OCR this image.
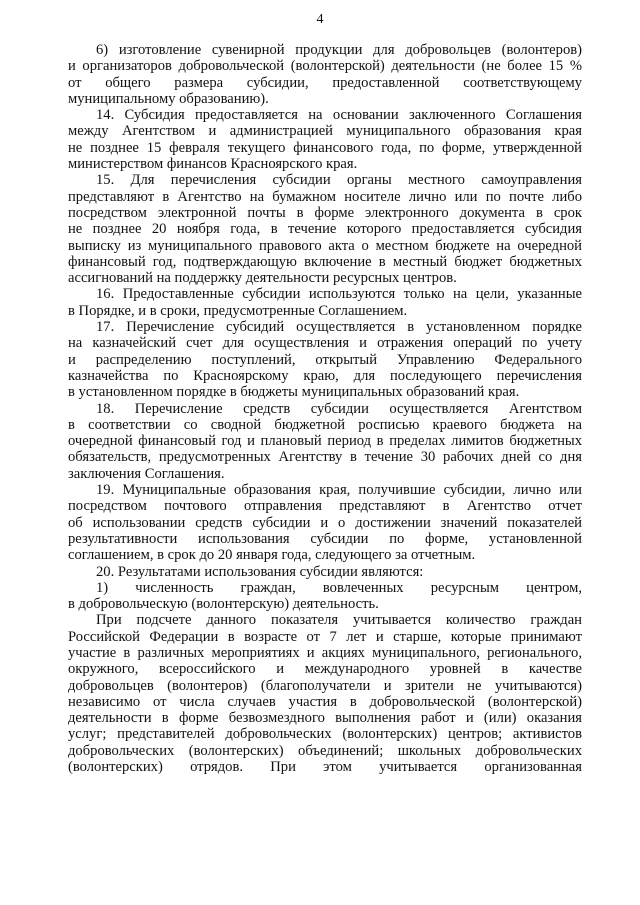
4

6) изготовление сувенирной продукции для добровольцев (волонтеров)
и организаторов добровольческой (волонтерской) деятельности (не более 15 %
от общего размера субсидии, предоставленной соответствующему
муниципальному образованию).

14. Субсидия предоставляется на основании заключенного Соглашения
между Агентством и администрацией муниципального образования края
не позднее 15 февраля текущего финансового года, по форме, утвержденной
министерством финансов Красноярского края.

15. Для перечисления субсидии органы местного самоуправления
представляют в Агентство на бумажном носителе лично или по почте либо
посредством электронной почты в форме электронного документа в срок
не позднее 20 ноября года, в течение которого предоставляется субсидия
выписку из муниципального правового акта о местном бюджете на очередной
финансовый год, подтверждающую включение в местный бюджет бюджетных
ассигнований на поддержку деятельности ресурсных центров.

16. Предоставленные субсидии используются только на цели, указанные
в Порядке, и в сроки, предусмотренные Соглашением.

17. Перечисление субсидий осуществляется в установленном порядке
на казначейский счет для осуществления и отражения операций по учету
и распределению поступлений, открытый Управлению Федерального
казначейства по Красноярскому краю, для последующего перечисления
в установленном порядке в бюджеты муниципальных образований края.

18. Перечисление средств субсидии осуществляется Агентством
в соответствии со сводной бюджетной росписью краевого бюджета на
очередной финансовый год и плановый период в пределах лимитов бюджетных
обязательств, предусмотренных Агентству в течение 30 рабочих дней со дня
заключения Соглашения.

19. Муниципальные образования края, получившие субсидии, лично или
посредством почтового отправления представляют в Агентство отчет
об использовании средств субсидии и о достижении значений показателей
результативности использования субсидии по форме, установленной
соглашением, в срок до 20 января года, следующего за отчетным.

20. Результатами использования субсидии являются:

1) численность граждан, вовлеченных ресурсным центром,
в добровольческую (волонтерскую) деятельность.

При подсчете данного показателя учитывается количество граждан
Российской Федерации в возрасте от 7 лет и старше, которые принимают
участие в различных мероприятиях и акциях муниципального, регионального,
окружного, всероссийского и международного уровней в качестве
добровольцев (волонтеров) (благополучатели и зрители не учитываются)
независимо от числа случаев участия в добровольческой (волонтерской)
деятельности в форме безвозмездного выполнения работ и (или) оказания
услуг; представителей добровольческих (волонтерских) центров; активистов
добровольческих (волонтерских) объединений; школьных добровольческих
(волонтерских) отрядов. При этом учитывается организованная
